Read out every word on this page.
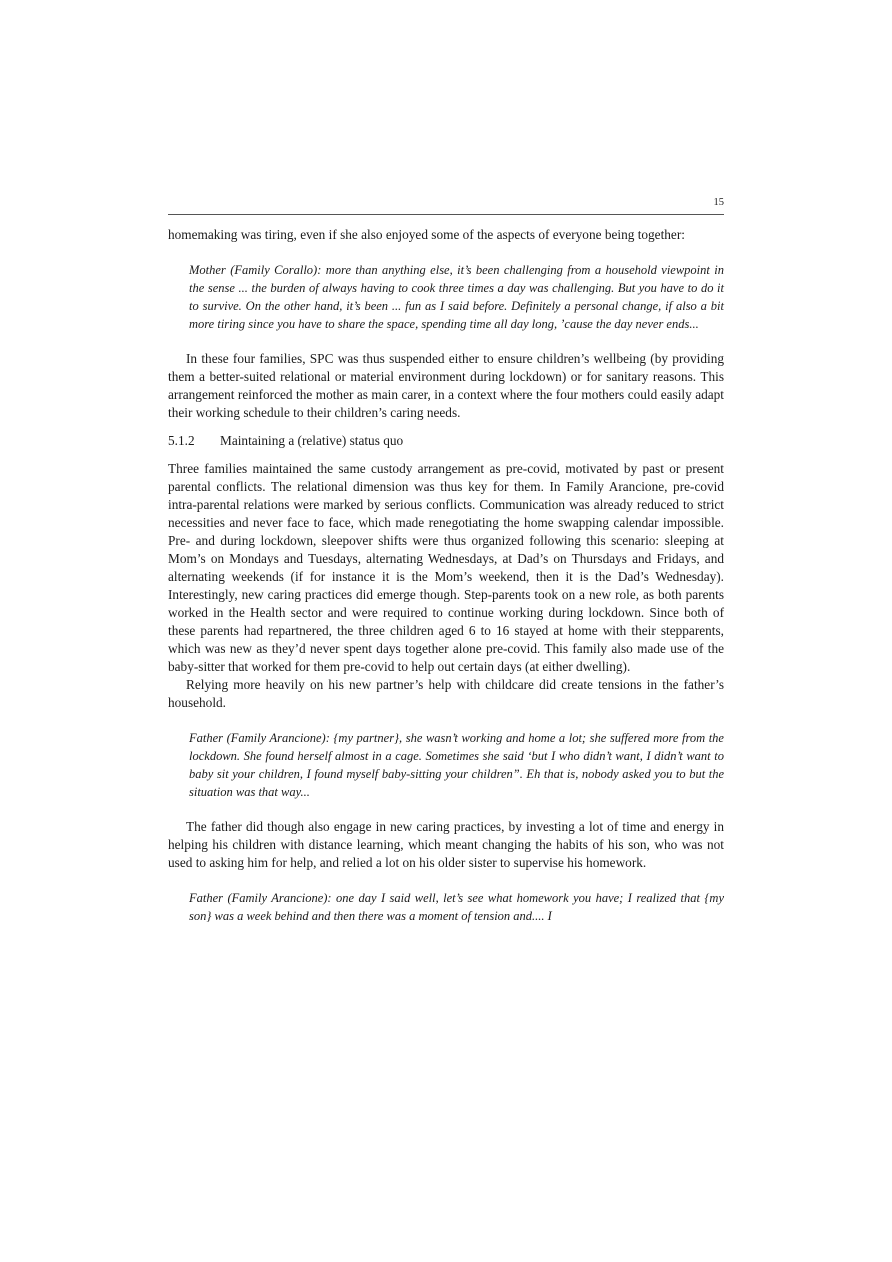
15

homemaking was tiring, even if she also enjoyed some of the aspects of everyone being together:

Mother (Family Corallo): more than anything else, it’s been challenging from a household viewpoint in the sense ... the burden of always having to cook three times a day was challenging. But you have to do it to survive. On the other hand, it’s been ... fun as I said before. Definitely a personal change, if also a bit more tiring since you have to share the space, spending time all day long, ’cause the day never ends...

In these four families, SPC was thus suspended either to ensure children’s wellbeing (by providing them a better-suited relational or material environment during lockdown) or for sanitary reasons. This arrangement reinforced the mother as main carer, in a context where the four mothers could easily adapt their working schedule to their children’s caring needs.

5.1.2	Maintaining a (relative) status quo

Three families maintained the same custody arrangement as pre-covid, motivated by past or present parental conflicts. The relational dimension was thus key for them. In Family Arancione, pre-covid intra-parental relations were marked by serious conflicts. Communication was already reduced to strict necessities and never face to face, which made renegotiating the home swapping calendar impossible. Pre- and during lockdown, sleepover shifts were thus organized following this scenario: sleeping at Mom’s on Mondays and Tuesdays, alternating Wednesdays, at Dad’s on Thursdays and Fridays, and alternating weekends (if for instance it is the Mom’s weekend, then it is the Dad’s Wednesday). Interestingly, new caring practices did emerge though. Step-parents took on a new role, as both parents worked in the Health sector and were required to continue working during lockdown. Since both of these parents had repartnered, the three children aged 6 to 16 stayed at home with their stepparents, which was new as they’d never spent days together alone pre-covid. This family also made use of the baby-sitter that worked for them pre-covid to help out certain days (at either dwelling).

Relying more heavily on his new partner’s help with childcare did create tensions in the father’s household.

Father (Family Arancione): {my partner}, she wasn’t working and home a lot; she suffered more from the lockdown. She found herself almost in a cage. Sometimes she said ‘but I who didn’t want, I didn’t want to baby sit your children, I found myself baby-sitting your children”. Eh that is, nobody asked you to but the situation was that way...

The father did though also engage in new caring practices, by investing a lot of time and energy in helping his children with distance learning, which meant changing the habits of his son, who was not used to asking him for help, and relied a lot on his older sister to supervise his homework.

Father (Family Arancione): one day I said well, let’s see what homework you have; I realized that {my son} was a week behind and then there was a moment of tension and.... I
